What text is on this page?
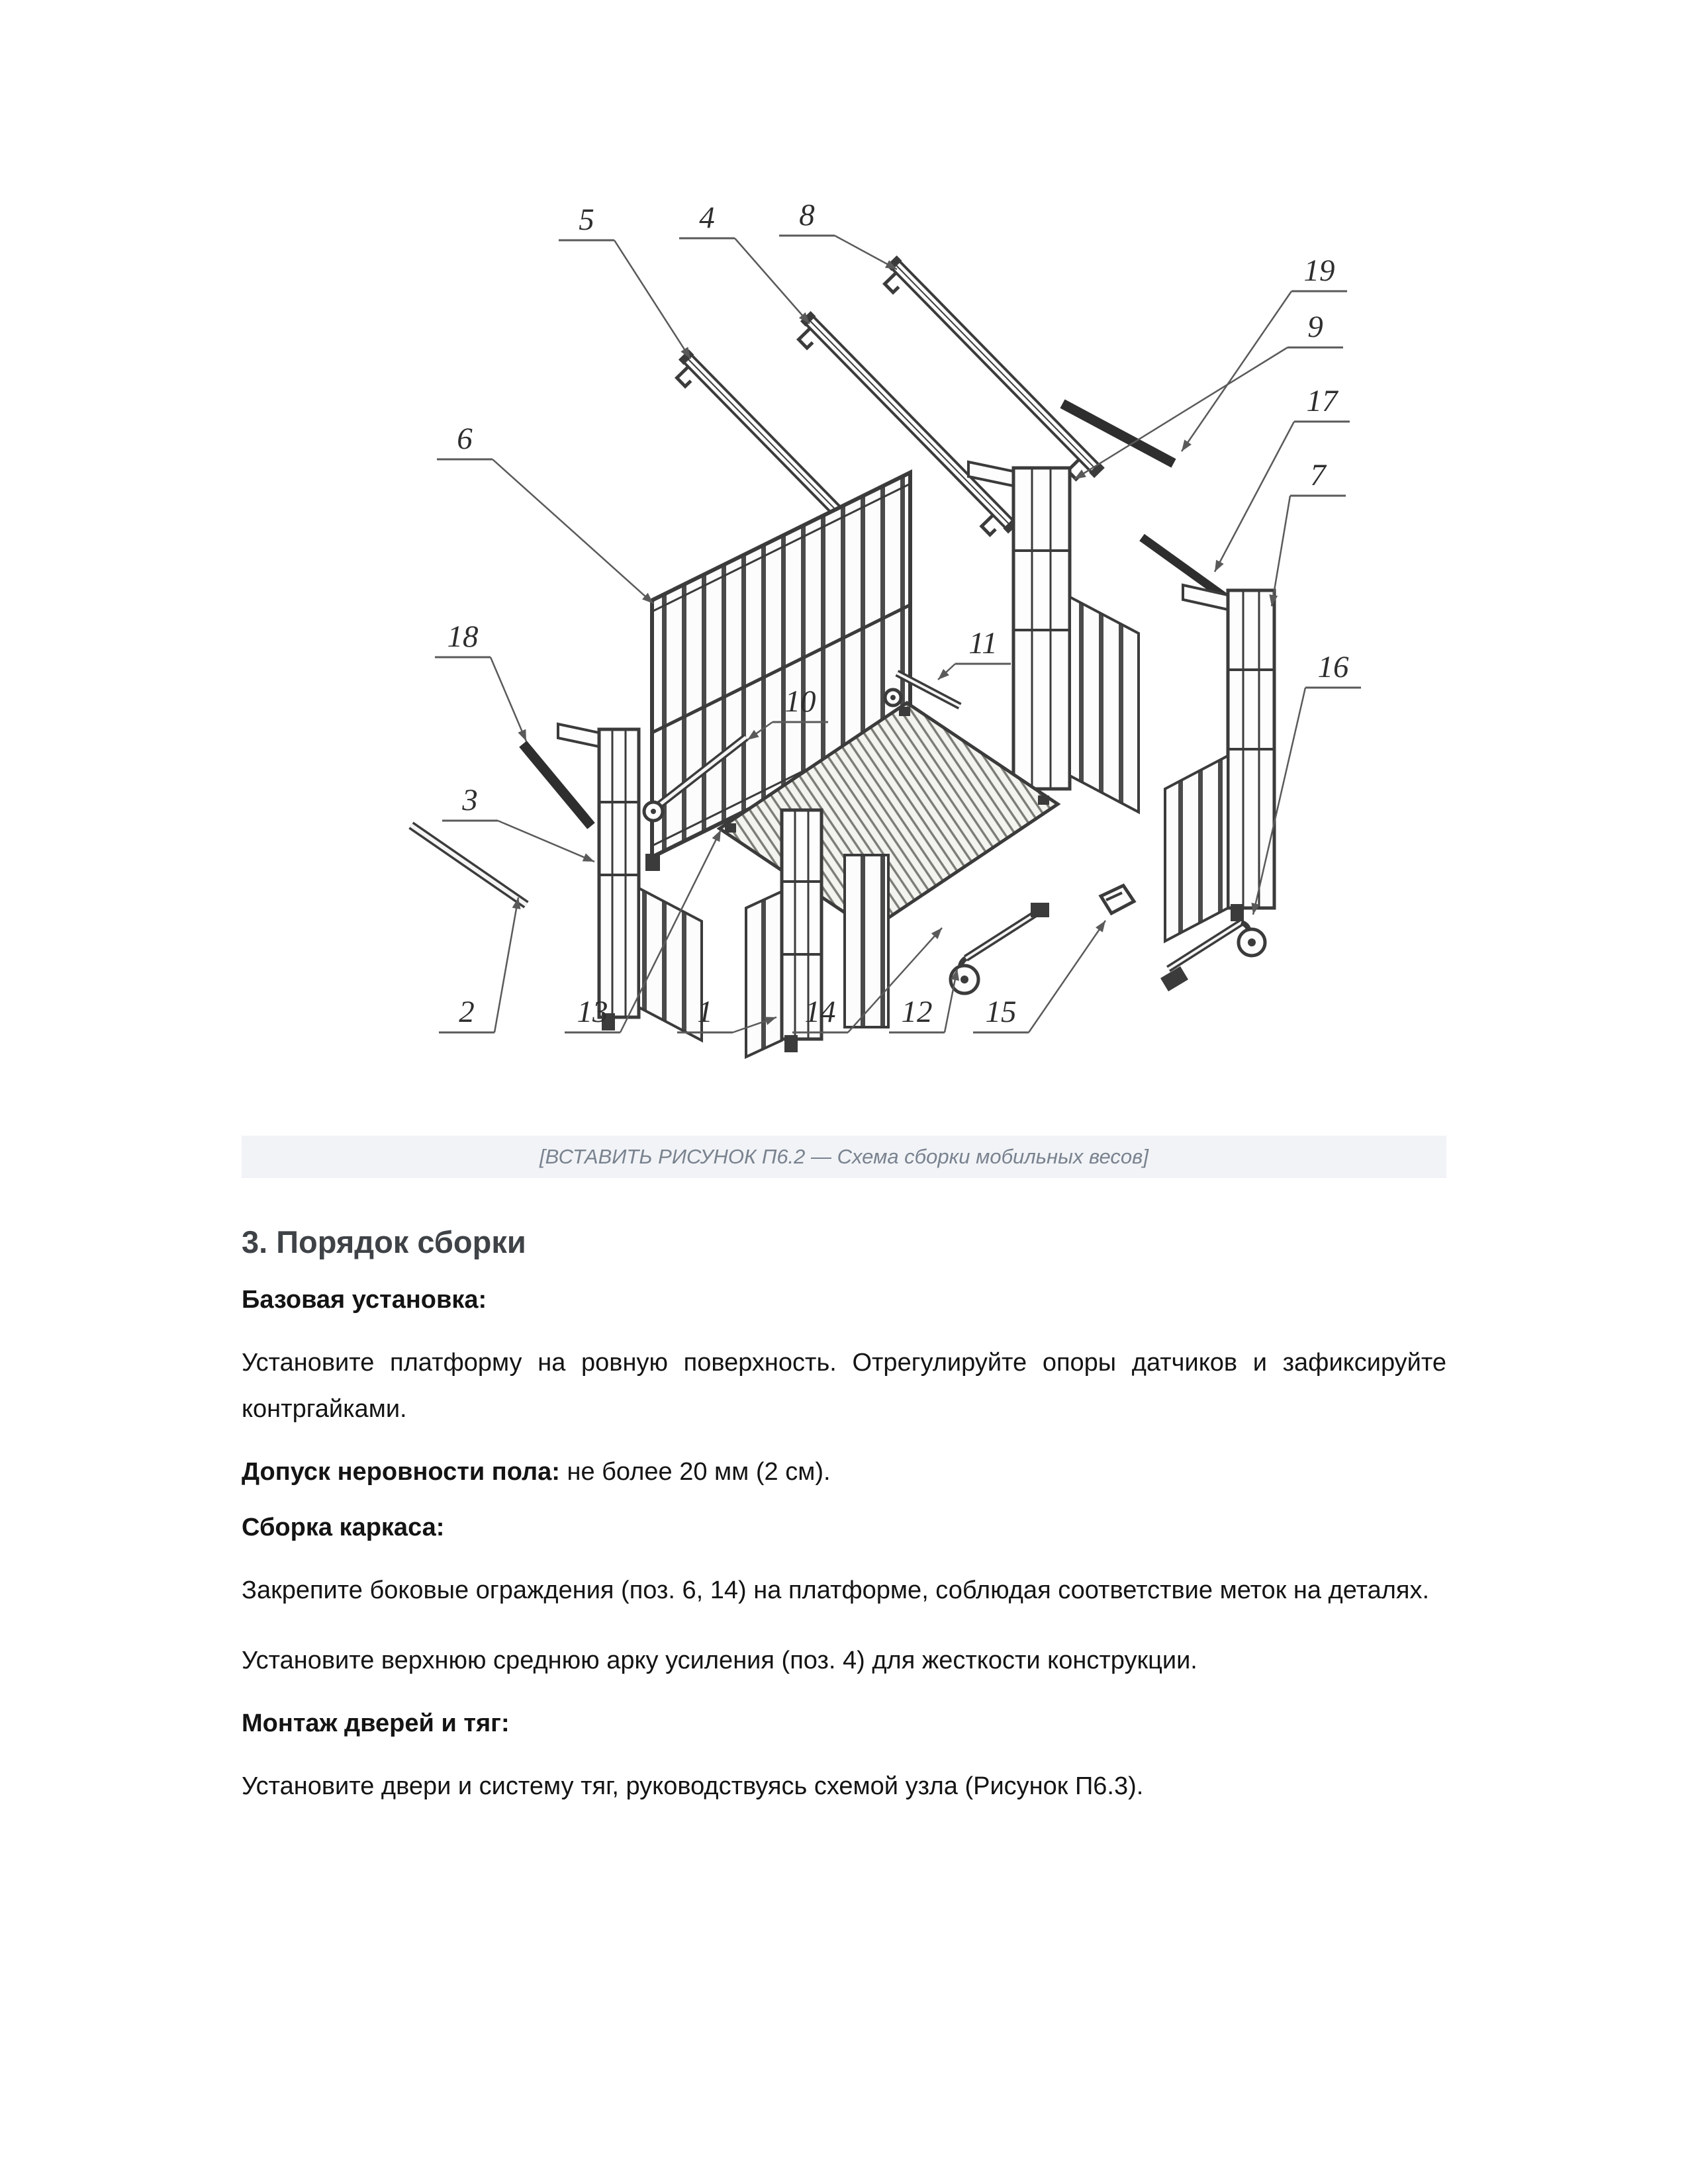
5	4	8
19
9
17
7
6
18	11
3
10
16
2	13	1	14 12 15
[ВСТАВИТЬ РИСУНОК П6.2 — Схема сборки мобильных весов]
3. Порядок сборки

Базовая установка:

Установите платформу на ровную поверхность. Отрегулируйте опоры датчиков и зафиксируйте контргайками.

Допуск неровности пола: не более 20 мм (2 см).

Сборка каркаса:

Закрепите боковые ограждения (поз. 6, 14) на платформе, соблюдая соответствие меток на деталях.

Установите верхнюю среднюю арку усиления (поз. 4) для жесткости конструкции.

Монтаж дверей и тяг:

Установите двери и систему тяг, руководствуясь схемой узла (Рисунок П6.3).
